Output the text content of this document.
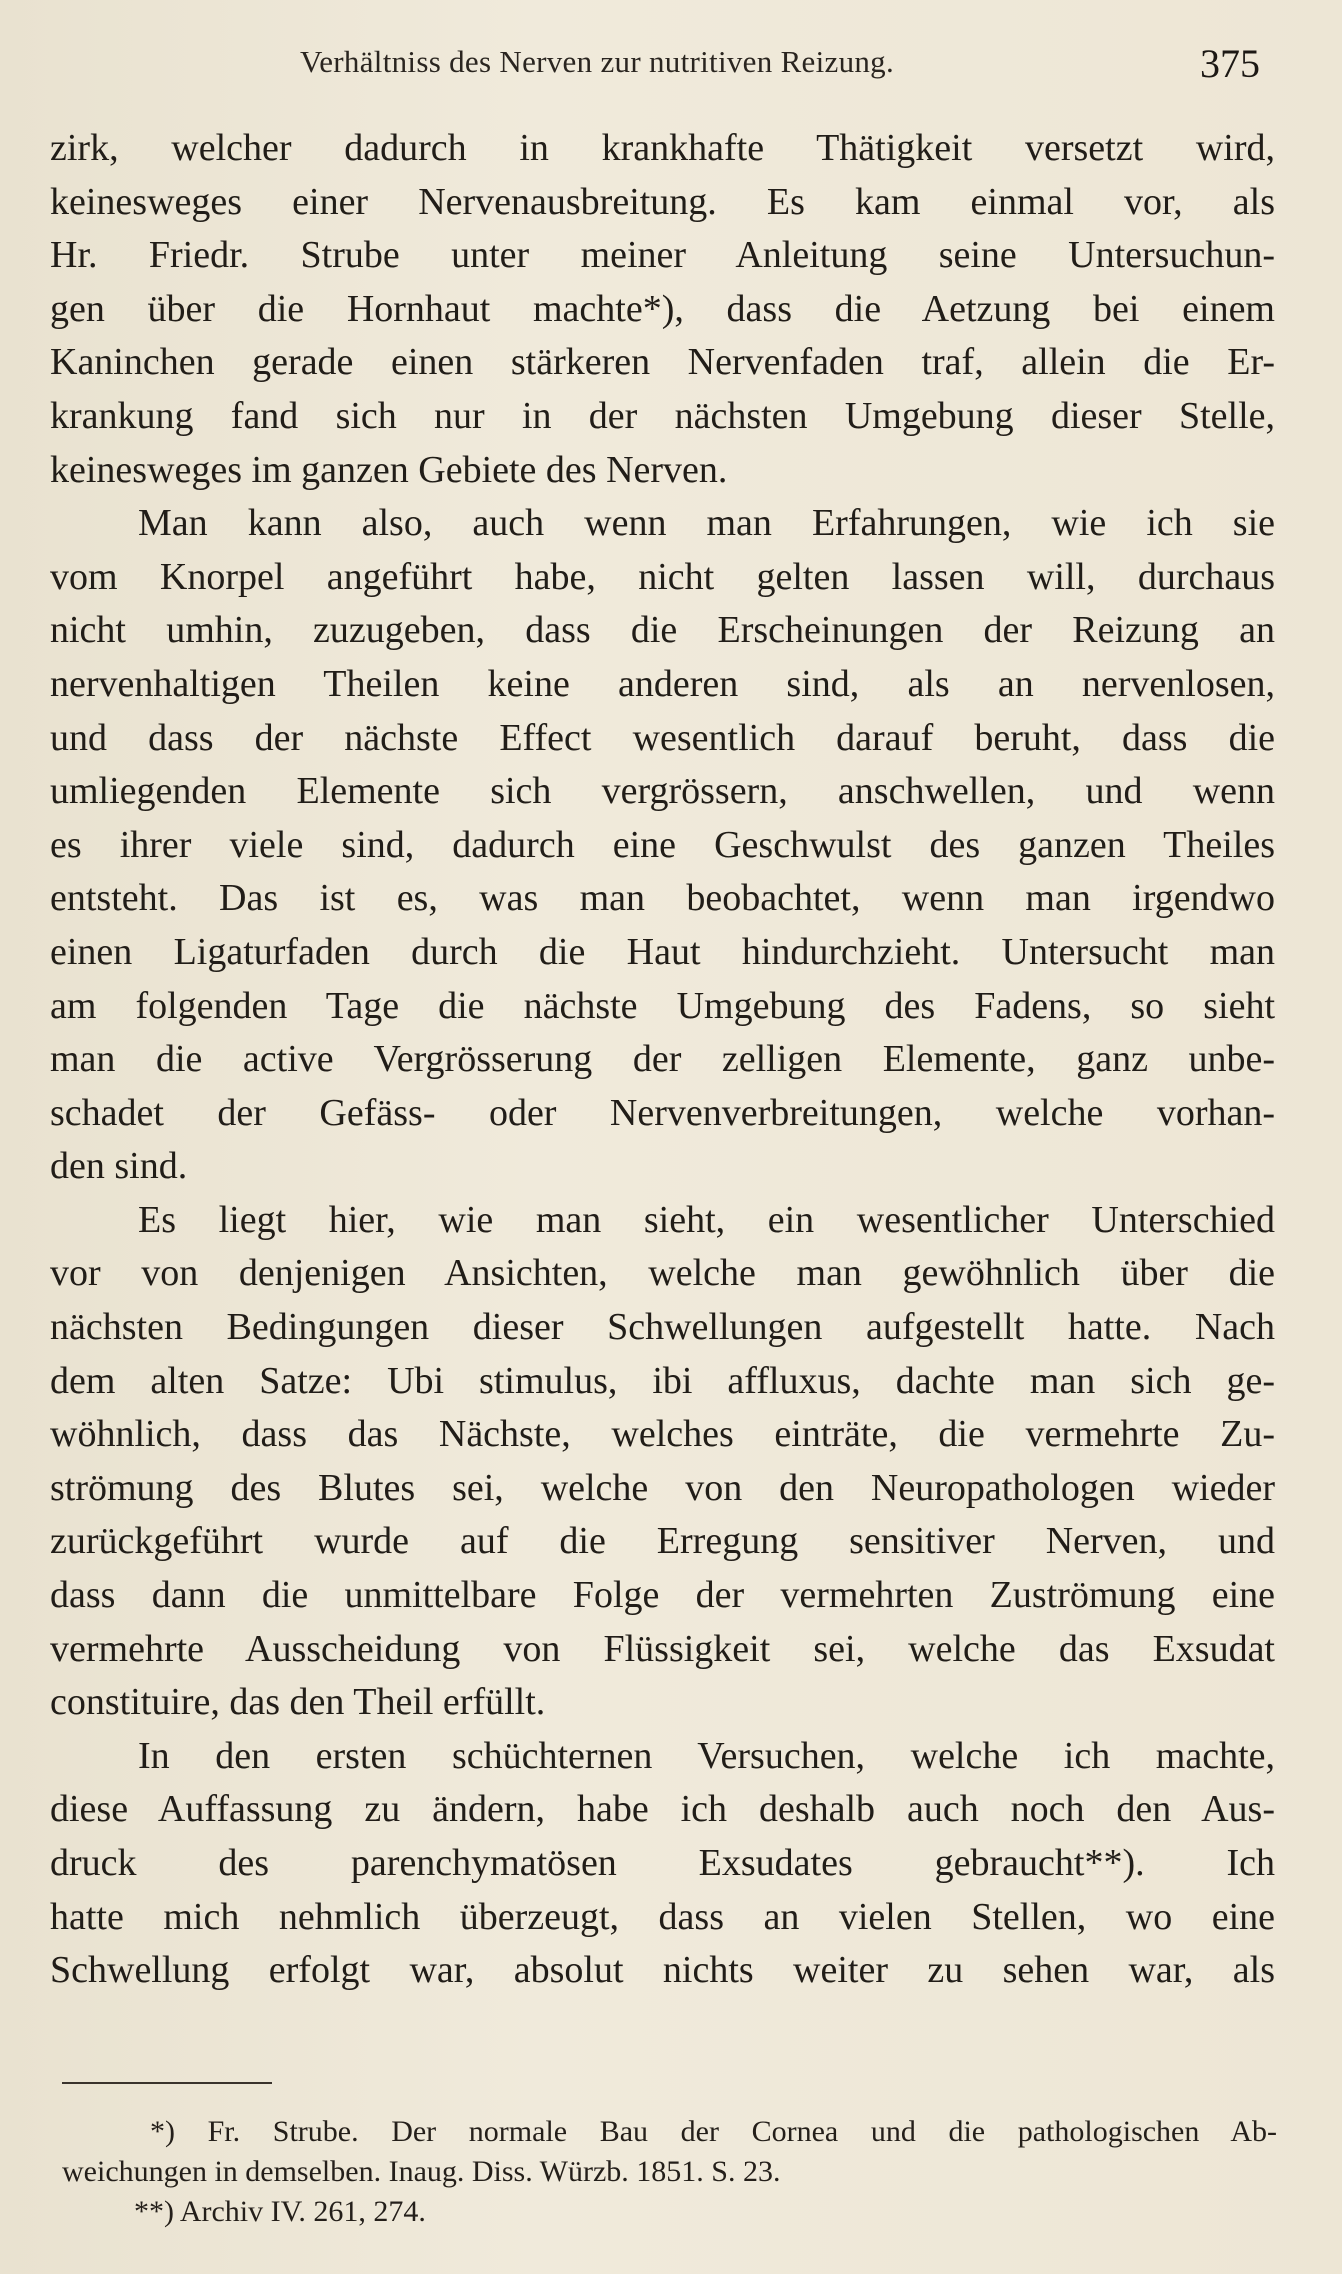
Verhältniss des Nerven zur nutritiven Reizung.	375

zirk, welcher dadurch in krankhafte Thätigkeit versetzt wird,
keinesweges einer Nervenausbreitung. Es kam einmal vor, als
Hr. Friedr. Strube unter meiner Anleitung seine Untersuchun-
gen über die Hornhaut machte*), dass die Aetzung bei einem
Kaninchen gerade einen stärkeren Nervenfaden traf, allein die Er-
krankung fand sich nur in der nächsten Umgebung dieser Stelle,
keinesweges im ganzen Gebiete des Nerven.

Man kann also, auch wenn man Erfahrungen, wie ich sie
vom Knorpel angeführt habe, nicht gelten lassen will, durchaus
nicht umhin, zuzugeben, dass die Erscheinungen der Reizung an
nervenhaltigen Theilen keine anderen sind, als an nervenlosen,
und dass der nächste Effect wesentlich darauf beruht, dass die
umliegenden Elemente sich vergrössern, anschwellen, und wenn
es ihrer viele sind, dadurch eine Geschwulst des ganzen Theiles
entsteht. Das ist es, was man beobachtet, wenn man irgendwo
einen Ligaturfaden durch die Haut hindurchzieht. Untersucht man
am folgenden Tage die nächste Umgebung des Fadens, so sieht
man die active Vergrösserung der zelligen Elemente, ganz unbe-
schadet der Gefäss- oder Nervenverbreitungen, welche vorhan-
den sind.

Es liegt hier, wie man sieht, ein wesentlicher Unterschied
vor von denjenigen Ansichten, welche man gewöhnlich über die
nächsten Bedingungen dieser Schwellungen aufgestellt hatte. Nach
dem alten Satze: Ubi stimulus, ibi affluxus, dachte man sich ge-
wöhnlich, dass das Nächste, welches einträte, die vermehrte Zu-
strömung des Blutes sei, welche von den Neuropathologen wieder
zurückgeführt wurde auf die Erregung sensitiver Nerven, und
dass dann die unmittelbare Folge der vermehrten Zuströmung eine
vermehrte Ausscheidung von Flüssigkeit sei, welche das Exsudat
constituire, das den Theil erfüllt.

In den ersten schüchternen Versuchen, welche ich machte,
diese Auffassung zu ändern, habe ich deshalb auch noch den Aus-
druck des parenchymatösen Exsudates gebraucht**). Ich
hatte mich nehmlich überzeugt, dass an vielen Stellen, wo eine
Schwellung erfolgt war, absolut nichts weiter zu sehen war, als

*) Fr. Strube. Der normale Bau der Cornea und die pathologischen Ab-
weichungen in demselben. Inaug. Diss. Würzb. 1851. S. 23.
**) Archiv IV. 261, 274.
